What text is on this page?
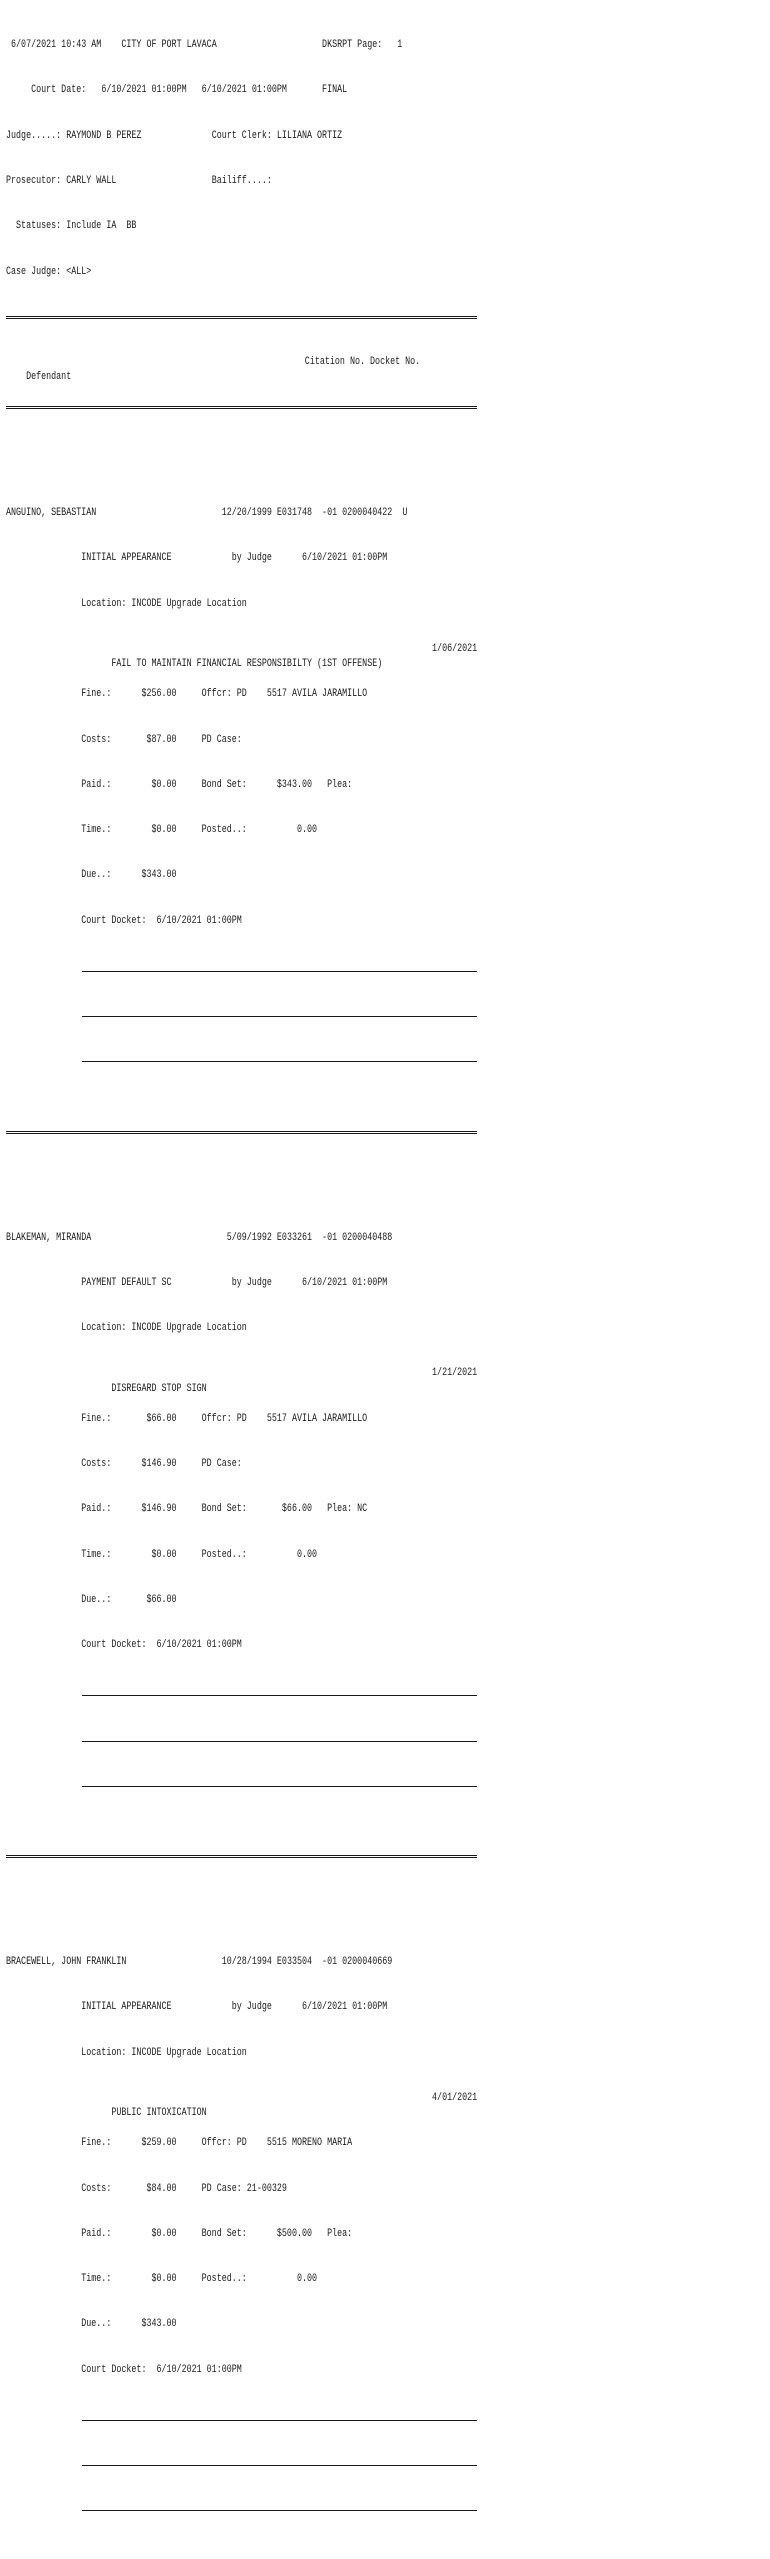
6/07/2021 10:43 AM    CITY OF PORT LAVACA                     DKSRPT Page:   1

Court Date:   6/10/2021 01:00PM   6/10/2021 01:00PM       FINAL

Judge.....: RAYMOND B PEREZ              Court Clerk: LILIANA ORTIZ

Prosecutor: CARLY WALL                   Bailiff....:

Statuses: Include IA  BB

Case Judge: <ALL>

Defendant

Citation No. Docket No.

ANGUINO, SEBASTIAN                         12/20/1999 E031748  -01 0200040422  U

INITIAL APPEARANCE            by Judge      6/10/2021 01:00PM

Location: INCODE Upgrade Location

FAIL TO MAINTAIN FINANCIAL RESPONSIBILTY (1ST OFFENSE)

1/06/2021

Fine.:      $256.00     Offcr: PD    5517 AVILA JARAMILLO

Costs:       $87.00     PD Case:

Paid.:        $0.00     Bond Set:      $343.00   Plea:

Time.:        $0.00     Posted..:          0.00

Due..:      $343.00

Court Docket:  6/10/2021 01:00PM

BLAKEMAN, MIRANDA                           5/09/1992 E033261  -01 0200040488

PAYMENT DEFAULT SC            by Judge      6/10/2021 01:00PM

Location: INCODE Upgrade Location

DISREGARD STOP SIGN

1/21/2021

Fine.:       $66.00     Offcr: PD    5517 AVILA JARAMILLO

Costs:      $146.90     PD Case:

Paid.:      $146.90     Bond Set:       $66.00   Plea: NC

Time.:        $0.00     Posted..:          0.00

Due..:       $66.00

Court Docket:  6/10/2021 01:00PM

BRACEWELL, JOHN FRANKLIN                   10/28/1994 E033504  -01 0200040669

INITIAL APPEARANCE            by Judge      6/10/2021 01:00PM

Location: INCODE Upgrade Location

PUBLIC INTOXICATION

4/01/2021

Fine.:      $259.00     Offcr: PD    5515 MORENO MARIA

Costs:       $84.00     PD Case: 21-00329

Paid.:        $0.00     Bond Set:      $500.00   Plea:

Time.:        $0.00     Posted..:          0.00

Due..:      $343.00

Court Docket:  6/10/2021 01:00PM
